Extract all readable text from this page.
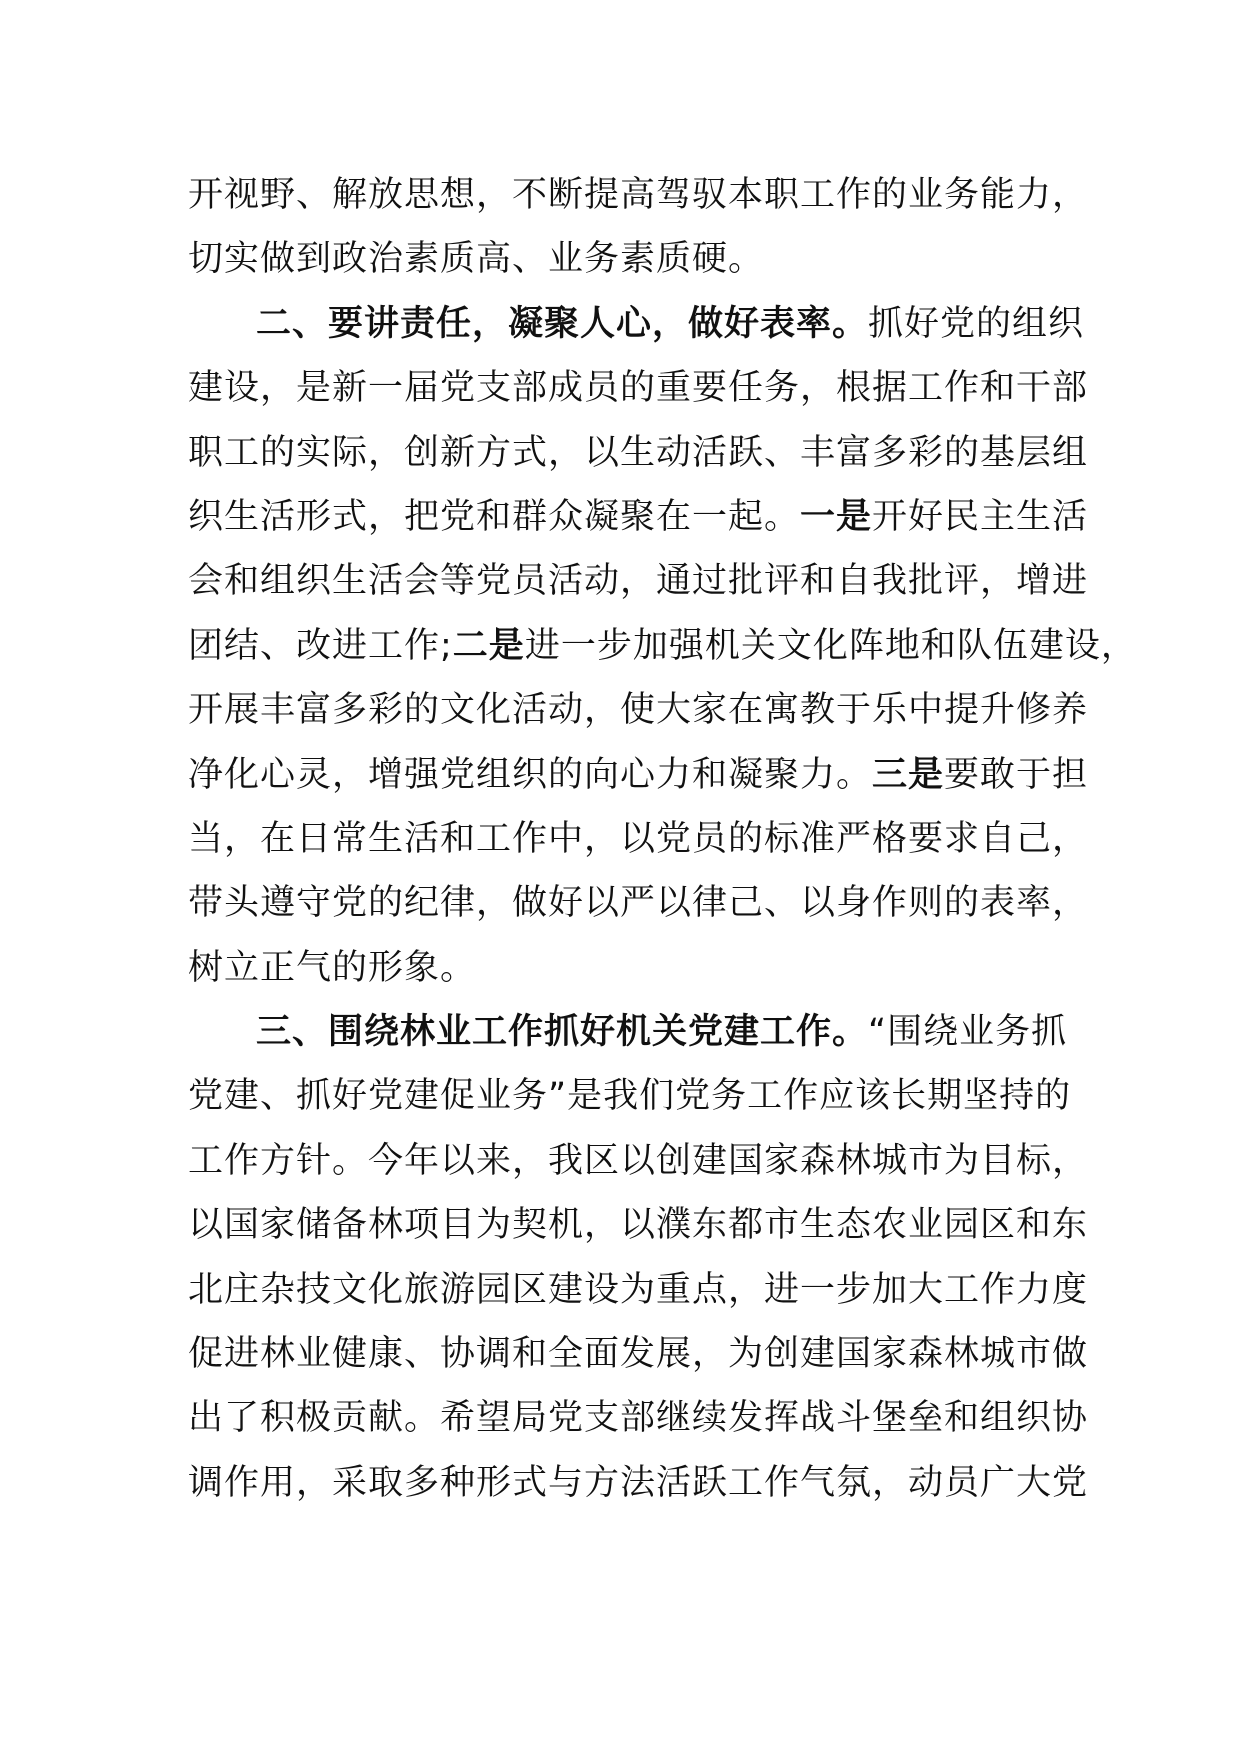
开视野、解放思想，不断提高驾驭本职工作的业务能力，
切实做到政治素质高、业务素质硬。
二、要讲责任，凝聚人心，做好表率。抓好党的组织
建设，是新一届党支部成员的重要任务，根据工作和干部
职工的实际，创新方式，以生动活跃、丰富多彩的基层组
织生活形式，把党和群众凝聚在一起。一是开好民主生活
会和组织生活会等党员活动，通过批评和自我批评，增进
团结、改进工作;二是进一步加强机关文化阵地和队伍建设，
开展丰富多彩的文化活动，使大家在寓教于乐中提升修养
净化心灵，增强党组织的向心力和凝聚力。三是要敢于担
当，在日常生活和工作中，以党员的标准严格要求自己，
带头遵守党的纪律，做好以严以律己、以身作则的表率，
树立正气的形象。
三、围绕林业工作抓好机关党建工作。“围绕业务抓
党建、抓好党建促业务”是我们党务工作应该长期坚持的
工作方针。今年以来，我区以创建国家森林城市为目标，
以国家储备林项目为契机，以濮东都市生态农业园区和东
北庄杂技文化旅游园区建设为重点，进一步加大工作力度
促进林业健康、协调和全面发展，为创建国家森林城市做
出了积极贡献。希望局党支部继续发挥战斗堡垒和组织协
调作用，采取多种形式与方法活跃工作气氛，动员广大党
